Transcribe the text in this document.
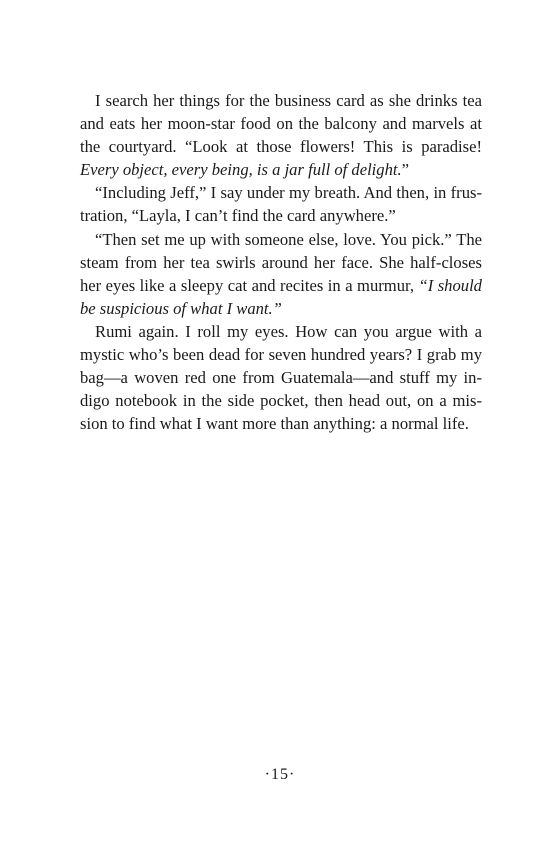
I search her things for the business card as she drinks tea and eats her moon-star food on the balcony and marvels at the courtyard. “Look at those flowers! This is paradise! Every object, every being, is a jar full of delight.”

“Including Jeff,” I say under my breath. And then, in frustration, “Layla, I can’t find the card anywhere.”

“Then set me up with someone else, love. You pick.” The steam from her tea swirls around her face. She half-closes her eyes like a sleepy cat and recites in a murmur, “I should be suspicious of what I want.”

Rumi again. I roll my eyes. How can you argue with a mystic who’s been dead for seven hundred years? I grab my bag—a woven red one from Guatemala—and stuff my indigo notebook in the side pocket, then head out, on a mission to find what I want more than anything: a normal life.

·15·
